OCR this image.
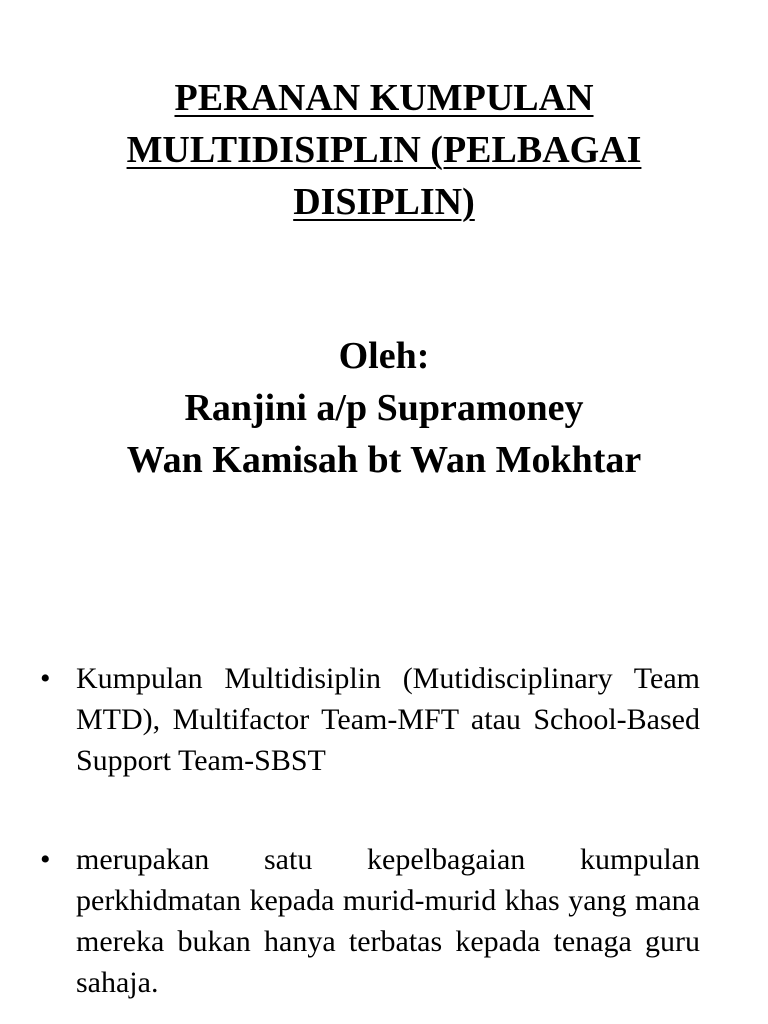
PERANAN KUMPULAN
MULTIDISIPLIN (PELBAGAI
DISIPLIN)
Oleh:
Ranjini a/p Supramoney
Wan Kamisah bt Wan Mokhtar
• Kumpulan Multidisiplin (Mutidisciplinary Team MTD), Multifactor Team-MFT atau School-Based Support Team-SBST
• merupakan satu kepelbagaian kumpulan perkhidmatan kepada murid-murid khas yang mana mereka bukan hanya terbatas kepada tenaga guru sahaja.
